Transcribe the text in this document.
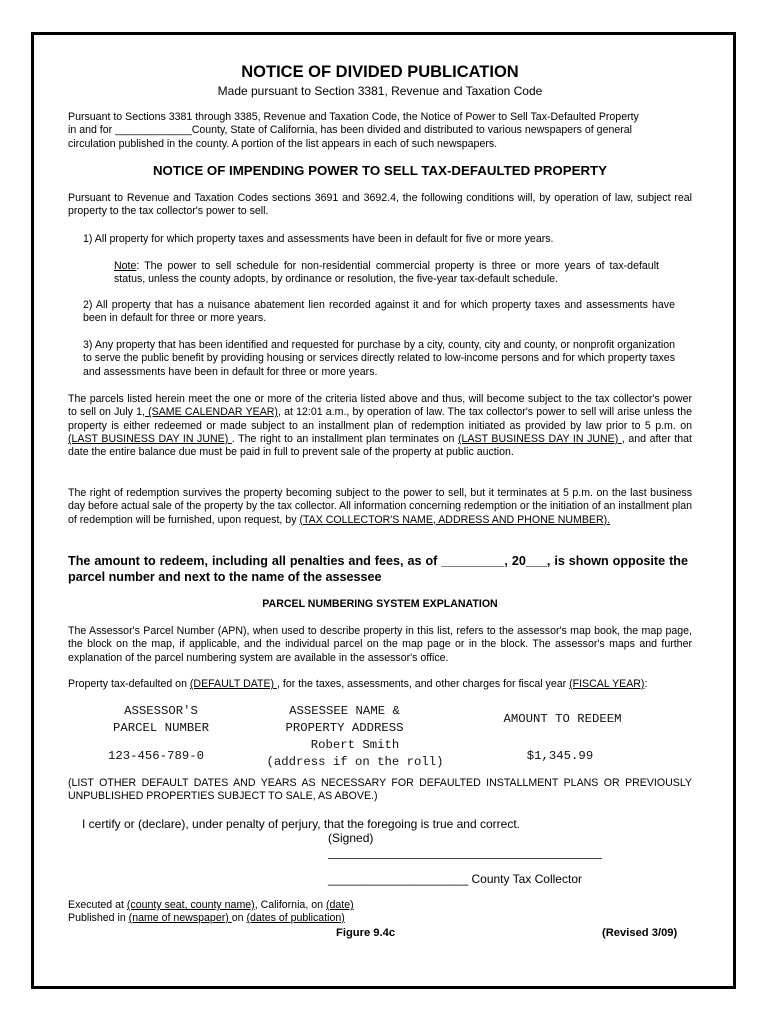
NOTICE OF DIVIDED PUBLICATION
Made pursuant to Section 3381, Revenue and Taxation Code
Pursuant to Sections 3381 through 3385, Revenue and Taxation Code, the Notice of Power to Sell Tax-Defaulted Property
in and for _____________County, State of California, has been divided and distributed to various newspapers of general
circulation published in the county. A portion of the list appears in each of such newspapers.
NOTICE OF IMPENDING POWER TO SELL TAX-DEFAULTED PROPERTY
Pursuant to Revenue and Taxation Codes sections 3691 and 3692.4, the following conditions will, by operation of law, subject real property to the tax collector's power to sell.
1) All property for which property taxes and assessments have been in default for five or more years.
Note: The power to sell schedule for non-residential commercial property is three or more years of tax-default status, unless the county adopts, by ordinance or resolution, the five-year tax-default schedule.
2) All property that has a nuisance abatement lien recorded against it and for which property taxes and assessments have been in default for three or more years.
3) Any property that has been identified and requested for purchase by a city, county, city and county, or nonprofit organization to serve the public benefit by providing housing or services directly related to low-income persons and for which property taxes and assessments have been in default for three or more years.
The parcels listed herein meet the one or more of the criteria listed above and thus, will become subject to the tax collector's power to sell on July 1, (SAME CALENDAR YEAR), at 12:01 a.m., by operation of law. The tax collector's power to sell will arise unless the property is either redeemed or made subject to an installment plan of redemption initiated as provided by law prior to 5 p.m. on (LAST BUSINESS DAY IN JUNE) . The right to an installment plan terminates on (LAST BUSINESS DAY IN JUNE) , and after that date the entire balance due must be paid in full to prevent sale of the property at public auction.
The right of redemption survives the property becoming subject to the power to sell, but it terminates at 5 p.m. on the last business day before actual sale of the property by the tax collector. All information concerning redemption or the initiation of an installment plan of redemption will be furnished, upon request, by (TAX COLLECTOR'S NAME, ADDRESS AND PHONE NUMBER).
The amount to redeem, including all penalties and fees, as of _________, 20___, is shown opposite the parcel number and next to the name of the assessee
PARCEL NUMBERING SYSTEM EXPLANATION
The Assessor's Parcel Number (APN), when used to describe property in this list, refers to the assessor's map book, the map page, the block on the map, if applicable, and the individual parcel on the map page or in the block. The assessor's maps and further explanation of the parcel numbering system are available in the assessor's office.
Property tax-defaulted on (DEFAULT DATE) , for the taxes, assessments, and other charges for fiscal year (FISCAL YEAR):
ASSESSOR'S
PARCEL NUMBER
ASSESSEE NAME &
PROPERTY ADDRESS
AMOUNT TO REDEEM
123-456-789-0
Robert Smith
(address if on the roll)	$1,345.99
(LIST OTHER DEFAULT DATES AND YEARS AS NECESSARY FOR DEFAULTED INSTALLMENT PLANS OR PREVIOUSLY UNPUBLISHED PROPERTIES SUBJECT TO SALE, AS ABOVE.)
I certify or (declare), under penalty of perjury, that the foregoing is true and correct.
(Signed)
_____________________ County Tax Collector
Executed at (county seat, county name), California, on (date)
Published in (name of newspaper) on (dates of publication)
Figure 9.4c	(Revised 3/09)
